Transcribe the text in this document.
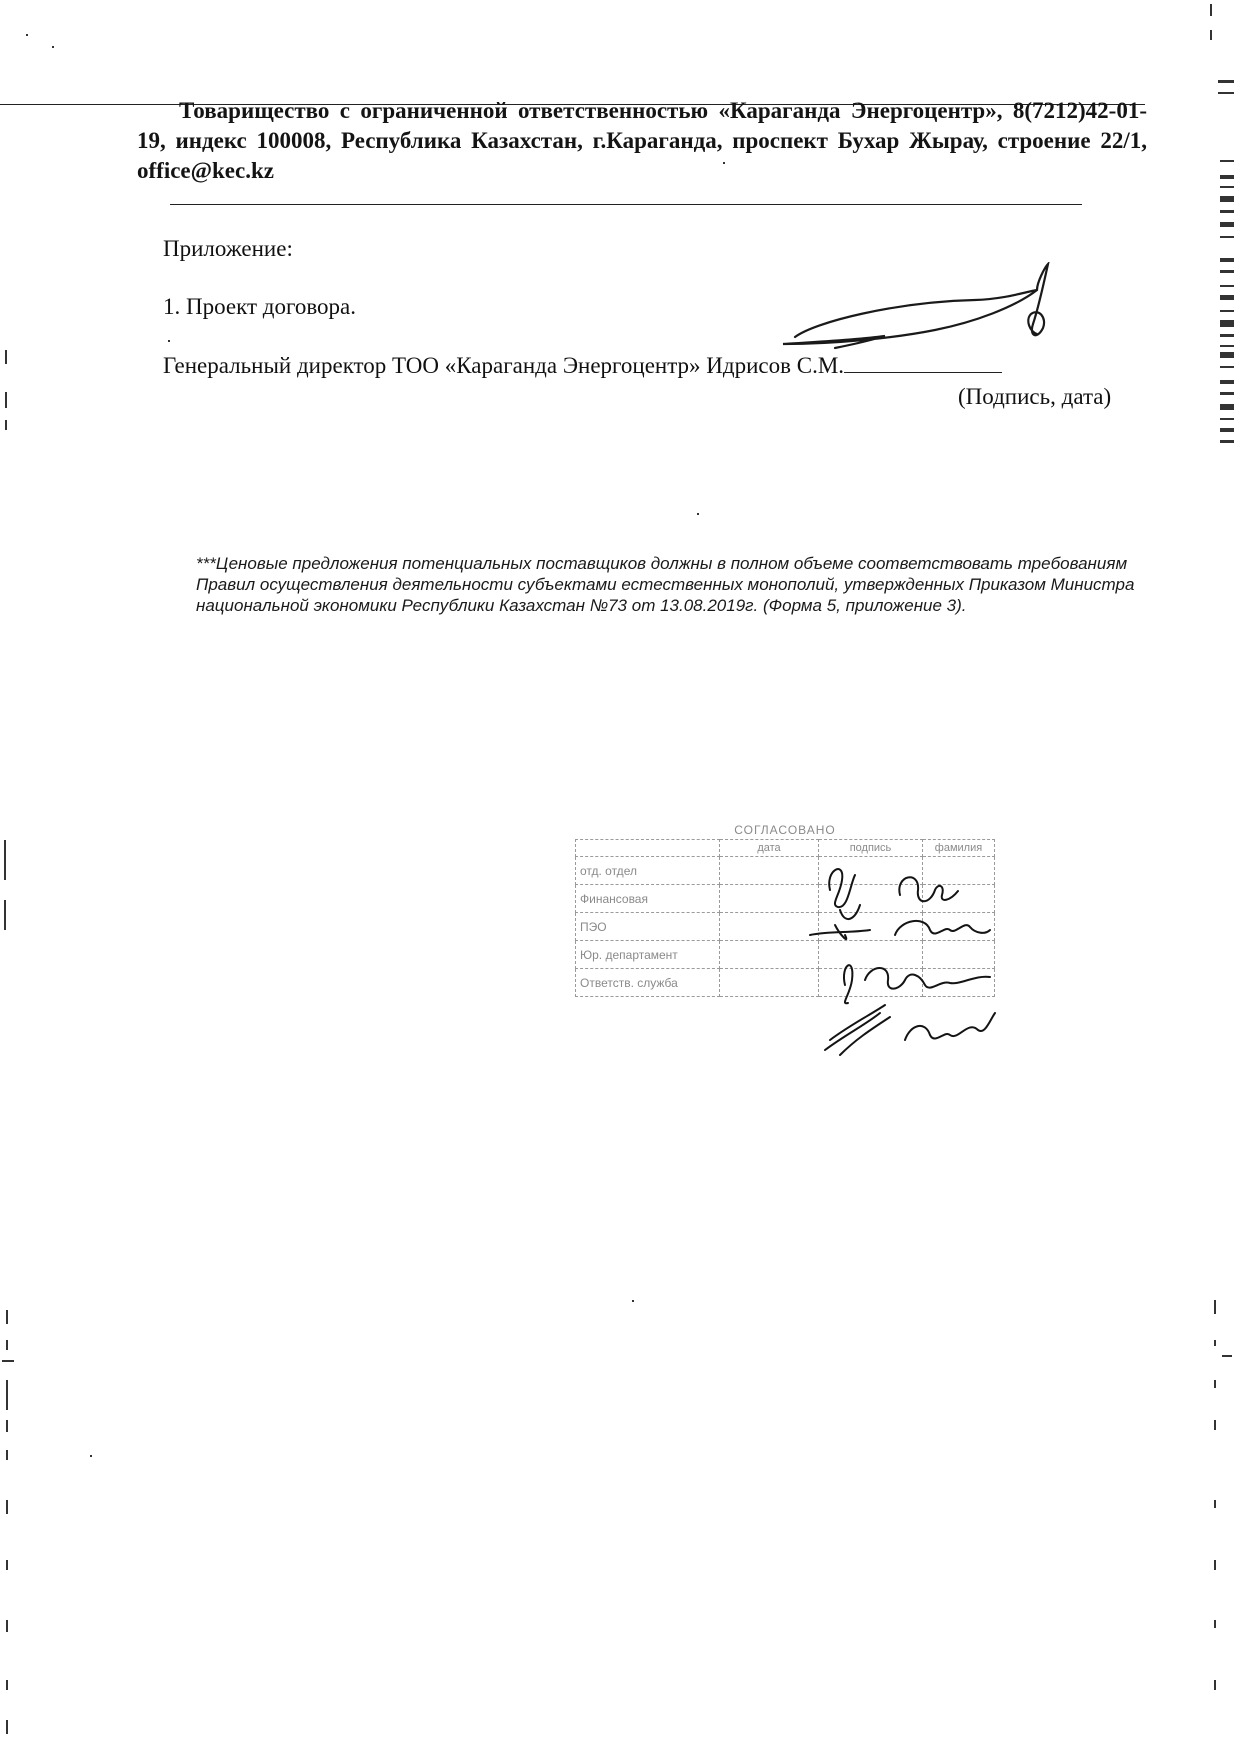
Товарищество с ограниченной ответственностью «Караганда Энергоцентр», 8(7212)42-01-19, индекс 100008, Республика Казахстан, г.Караганда, проспект Бухар Жырау, строение 22/1, office@kec.kz
Приложение:
1. Проект договора.
Генеральный директор ТОО «Караганда Энергоцентр» Идрисов С.М.
(Подпись, дата)
***Ценовые предложения потенциальных поставщиков должны в полном объеме соответствовать требованиям Правил осуществления деятельности субъектами естественных монополий, утвержденных Приказом Министра национальной экономики Республики Казахстан №73 от 13.08.2019г. (Форма 5, приложение 3).
СОГЛАСОВАНО
	дата	подпись	фамилия
отд. отдел			
Финансовая			
ПЭО			
Юр. департамент			
Ответств. служба			
